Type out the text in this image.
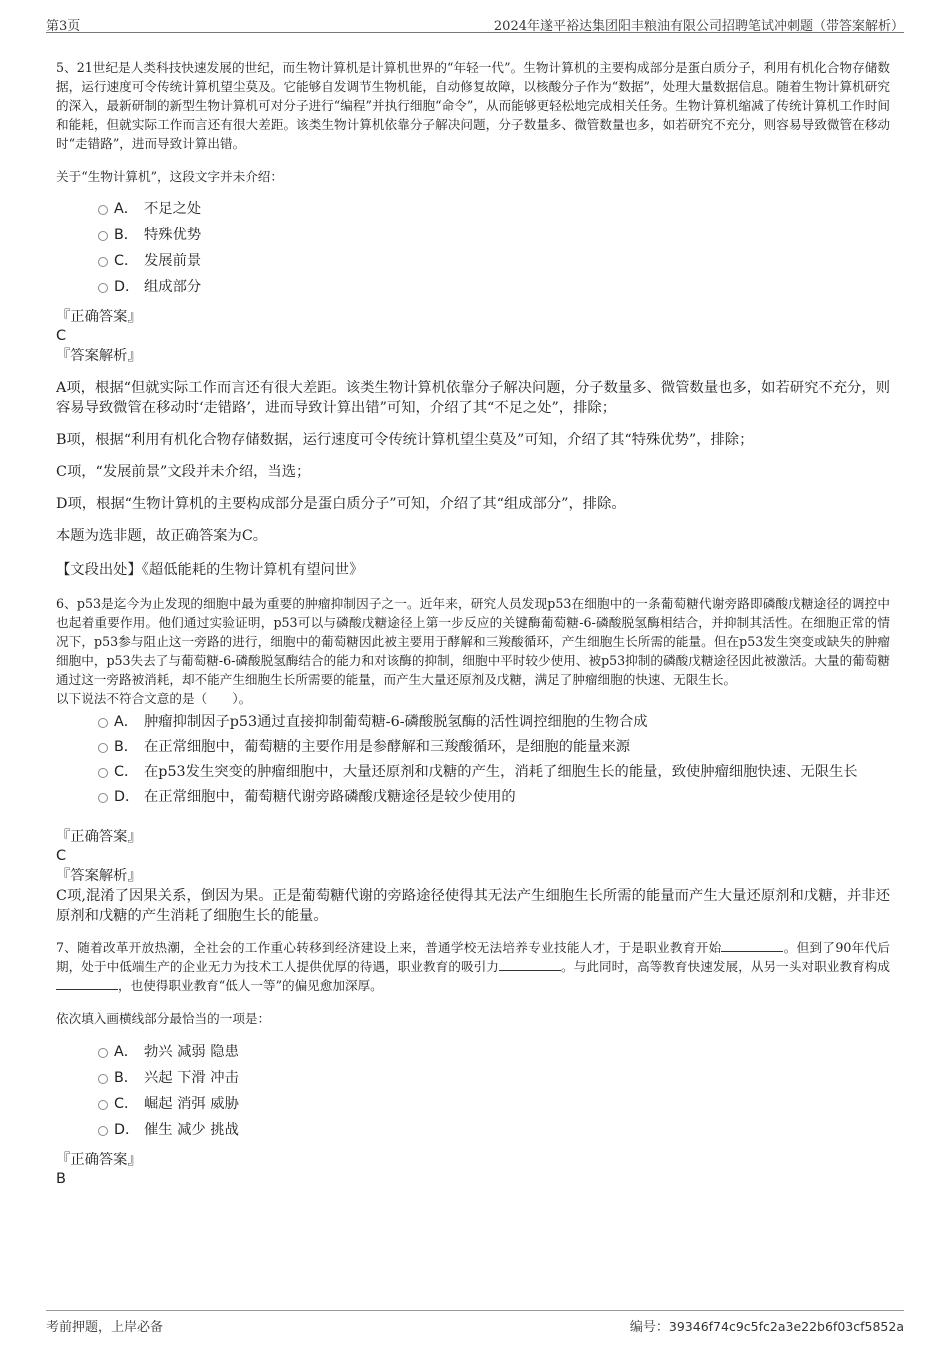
第3页	2024年遂平裕达集团阳丰粮油有限公司招聘笔试冲刺题（带答案解析）

5、21世纪是人类科技快速发展的世纪，而生物计算机是计算机世界的“年轻一代”。生物计算机的主要构成部分是蛋白质分子，利用有机化合物存储数据，运行速度可令传统计算机望尘莫及。它能够自发调节生物机能，自动修复故障，以核酸分子作为“数据”，处理大量数据信息。随着生物计算机研究的深入，最新研制的新型生物计算机可对分子进行“编程”并执行细胞“命令”，从而能够更轻松地完成相关任务。生物计算机缩减了传统计算机工作时间和能耗，但就实际工作而言还有很大差距。该类生物计算机依靠分子解决问题，分子数量多、微管数量也多，如若研究不充分，则容易导致微管在移动时“走错路”，进而导致计算出错。

关于“生物计算机”，这段文字并未介绍：

A． 不足之处
B． 特殊优势
C． 发展前景
D． 组成部分

『正确答案』

C

『答案解析』

A项，根据“但就实际工作而言还有很大差距。该类生物计算机依靠分子解决问题，分子数量多、微管数量也多，如若研究不充分，则容易导致微管在移动时‘走错路’，进而导致计算出错”可知，介绍了其“不足之处”，排除；

B项，根据“利用有机化合物存储数据，运行速度可令传统计算机望尘莫及”可知，介绍了其“特殊优势”，排除；

C项，“发展前景”文段并未介绍，当选；

D项，根据“生物计算机的主要构成部分是蛋白质分子”可知，介绍了其“组成部分”，排除。

本题为选非题，故正确答案为C。

【文段出处】《超低能耗的生物计算机有望问世》

6、p53是迄今为止发现的细胞中最为重要的肿瘤抑制因子之一。近年来，研究人员发现p53在细胞中的一条葡萄糖代谢旁路即磷酸戊糖途径的调控中也起着重要作用。他们通过实验证明，p53可以与磷酸戊糖途径上第一步反应的关键酶葡萄糖-6-磷酸脱氢酶相结合，并抑制其活性。在细胞正常的情况下，p53参与阻止这一旁路的进行，细胞中的葡萄糖因此被主要用于酵解和三羧酸循环，产生细胞生长所需的能量。但在p53发生突变或缺失的肿瘤细胞中，p53失去了与葡萄糖-6-磷酸脱氢酶结合的能力和对该酶的抑制，细胞中平时较少使用、被p53抑制的磷酸戊糖途径因此被激活。大量的葡萄糖通过这一旁路被消耗，却不能产生细胞生长所需要的能量，而产生大量还原剂及戊糖，满足了肿瘤细胞的快速、无限生长。

以下说法不符合文意的是（　　）。

A． 肿瘤抑制因子p53通过直接抑制葡萄糖-6-磷酸脱氢酶的活性调控细胞的生物合成
B． 在正常细胞中，葡萄糖的主要作用是参酵解和三羧酸循环，是细胞的能量来源
C． 在p53发生突变的肿瘤细胞中，大量还原剂和戊糖的产生，消耗了细胞生长的能量，致使肿瘤细胞快速、无限生长
D． 在正常细胞中，葡萄糖代谢旁路磷酸戊糖途径是较少使用的

『正确答案』

C

『答案解析』

C项,混淆了因果关系，倒因为果。正是葡萄糖代谢的旁路途径使得其无法产生细胞生长所需的能量而产生大量还原剂和戊糖，并非还原剂和戊糖的产生消耗了细胞生长的能量。

7、随着改革开放热潮，全社会的工作重心转移到经济建设上来，普通学校无法培养专业技能人才，于是职业教育开始	。但到了90年代后期，处于中低端生产的企业无力为技术工人提供优厚的待遇，职业教育的吸引力	。与此同时，高等教育快速发展，从另一头对职业教育构成，也使得职业教育“低人一等”的偏见愈加深厚。

依次填入画横线部分最恰当的一项是：

A． 勃兴 减弱 隐患
B． 兴起 下滑 冲击
C． 崛起 消弭 威胁
D． 催生 减少 挑战

『正确答案』

B

考前押题，上岸必备	编号：39346f74c9c5fc2a3e22b6f03cf5852a
